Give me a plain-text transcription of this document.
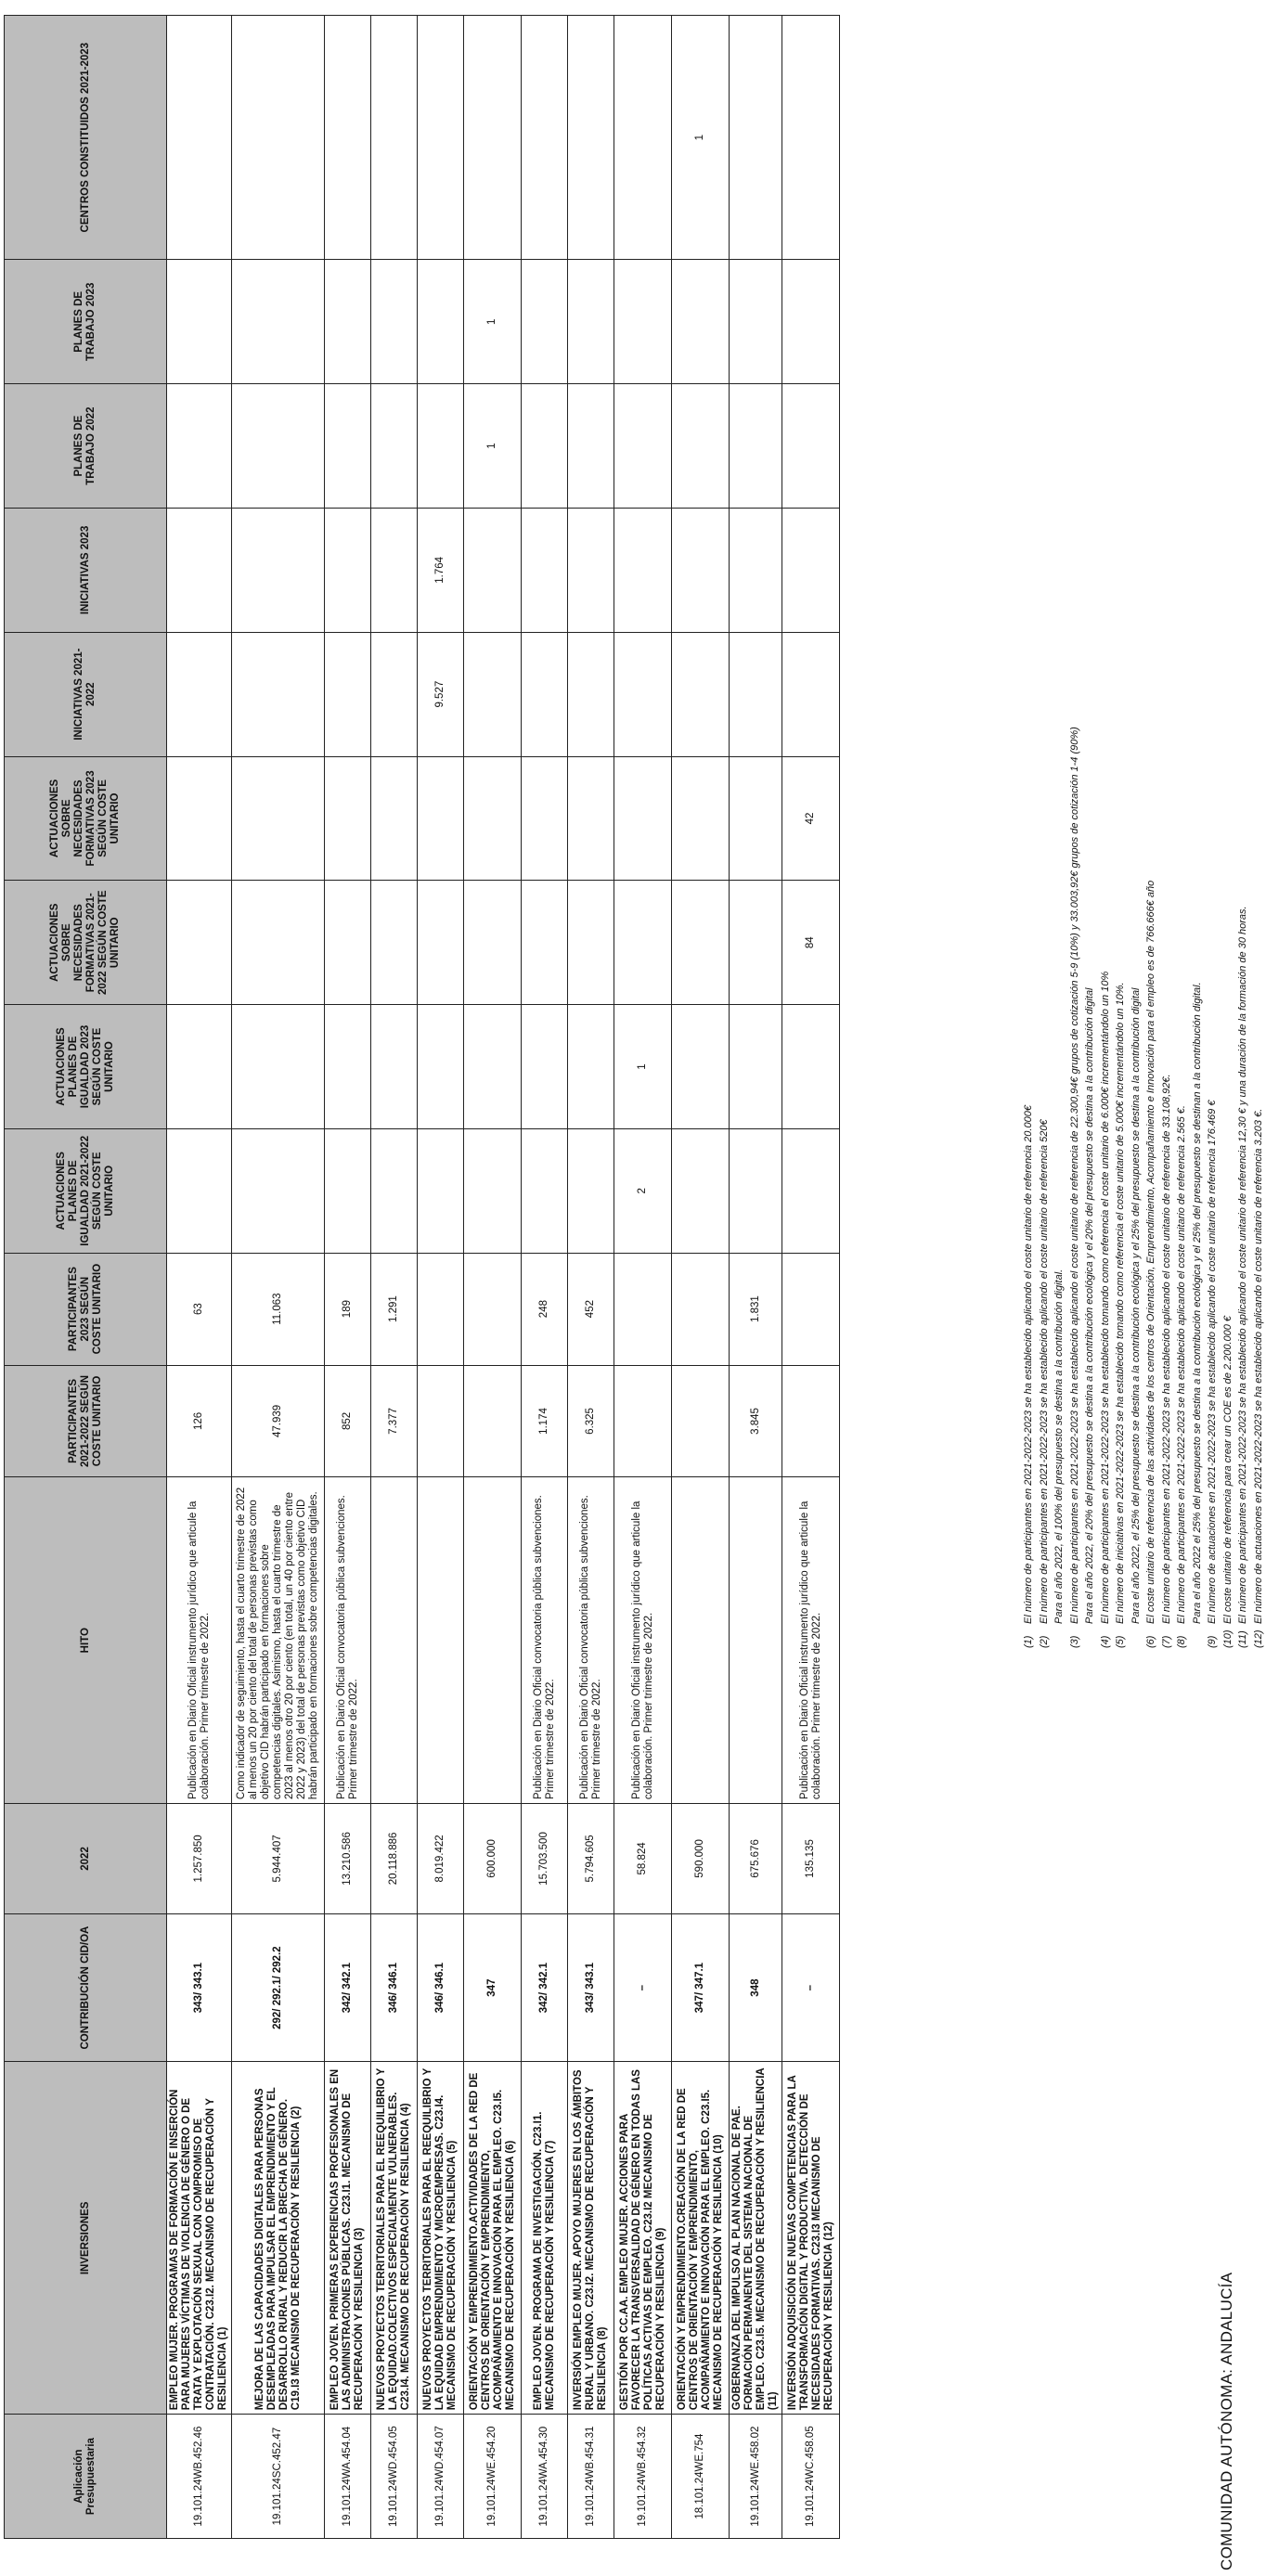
COMUNIDAD AUTÓNOMA: ANDALUCÍA
Aplicación Presupuestaria	INVERSIONES	CONTRIBUCIÓN CID/OA	2022	HITO	PARTICIPANTES 2021-2022 SEGÚN COSTE UNITARIO	PARTICIPANTES 2023 SEGÚN COSTE UNITARIO	ACTUACIONES PLANES DE IGUALDAD 2021-2022 SEGÚN COSTE UNITARIO	ACTUACIONES PLANES DE IGUALDAD 2023 SEGÚN COSTE UNITARIO	ACTUACIONES SOBRE NECESIDADES FORMATIVAS 2021-2022 SEGÚN COSTE UNITARIO	ACTUACIONES SOBRE NECESIDADES FORMATIVAS 2023 SEGÚN COSTE UNITARIO	INICIATIVAS 2021-2022	INICIATIVAS 2023	PLANES DE TRABAJO 2022	PLANES DE TRABAJO 2023	CENTROS CONSTITUIDOS 2021-2023
19.101.24WB.452.46	EMPLEO MUJER. PROGRAMAS DE FORMACIÓN E INSERCIÓN PARA MUJERES VÍCTIMAS DE VIOLENCIA DE GÉNERO O DE TRATA Y EXPLOTACIÓN SEXUAL CON COMPROMISO DE CONTRATACIÓN. C23.I2. MECANISMO DE RECUPERACIÓN Y RESILIENCIA (1)	343/ 343.1	1.257.850	Publicación en Diario Oficial instrumento jurídico que articule la colaboración. Primer trimestre de 2022.	126	63									
19.101.24SC.452.47	MEJORA DE LAS CAPACIDADES DIGITALES PARA PERSONAS DESEMPLEADAS PARA IMPULSAR EL EMPRENDIMIENTO Y EL DESARROLLO RURAL Y REDUCIR LA BRECHA DE GÉNERO. C19.I3 MECANISMO DE RECUPERACIÓN Y RESILIENCIA (2)	292/ 292.1/ 292.2	5.944.407	Como indicador de seguimiento, hasta el cuarto trimestre de 2022 al menos un 20 por ciento del total de personas previstas como objetivo CID habrán participado en formaciones sobre competencias digitales. Asimismo, hasta el cuarto trimestre de 2023 al menos otro 20 por ciento (en total, un 40 por ciento entre 2022 y 2023) del total de personas previstas como objetivo CID habrán participado en formaciones sobre competencias digitales.	47.939	11.063									
19.101.24WA.454.04	EMPLEO JOVEN. PRIMERAS EXPERIENCIAS PROFESIONALES EN LAS ADMINISTRACIONES PÚBLICAS. C23.I1. MECANISMO DE RECUPERACIÓN Y RESILIENCIA (3)	342/ 342.1	13.210.586	Publicación en Diario Oficial convocatoria pública subvenciones. Primer trimestre de 2022.	852	189									
19.101.24WD.454.05	NUEVOS PROYECTOS TERRITORIALES PARA EL REEQUILIBRIO Y LA EQUIDAD.COLECTIVOS ESPECIALMENTE VULNERABLES. C23.I4. MECANISMO DE RECUPERACIÓN Y RESILIENCIA (4)	346/ 346.1	20.118.886		7.377	1.291									
19.101.24WD.454.07	NUEVOS PROYECTOS TERRITORIALES PARA EL REEQUILIBRIO Y LA EQUIDAD EMPRENDIMIENTO Y MICROEMPRESAS. C23.I4. MECANISMO DE RECUPERACIÓN Y RESILIENCIA (5)	346/ 346.1	8.019.422								9.527	1.764			
19.101.24WE.454.20	ORIENTACIÓN Y EMPRENDIMIENTO.ACTIVIDADES DE LA RED DE CENTROS DE ORIENTACIÓN Y EMPRENDIMIENTO, ACOMPAÑAMIENTO E INNOVACIÓN PARA EL EMPLEO. C23.I5. MECANISMO DE RECUPERACIÓN Y RESILIENCIA (6)	347	600.000										1	1	
19.101.24WA.454.30	EMPLEO JOVEN. PROGRAMA DE INVESTIGACIÓN. C23.I1. MECANISMO DE RECUPERACIÓN Y RESILIENCIA (7)	342/ 342.1	15.703.500	Publicación en Diario Oficial convocatoria pública subvenciones. Primer trimestre de 2022.	1.174	248									
19.101.24WB.454.31	INVERSIÓN EMPLEO MUJER. APOYO MUJERES EN LOS ÁMBITOS RURAL Y URBANO. C23.I2. MECANISMO DE RECUPERACIÓN Y RESILIENCIA (8)	343/ 343.1	5.794.605	Publicación en Diario Oficial convocatoria pública subvenciones. Primer trimestre de 2022.	6.325	452									
19.101.24WB.454.32	GESTIÓN POR CC.AA. EMPLEO MUJER. ACCIONES PARA FAVORECER LA TRANSVERSALIDAD DE GÉNERO EN TODAS LAS POLÍTICAS ACTIVAS DE EMPLEO. C23.I2 MECANISMO DE RECUPERACIÓN Y RESILIENCIA (9)	–	58.824	Publicación en Diario Oficial instrumento jurídico que articule la colaboración. Primer trimestre de 2022.			2	1							
18.101.24WE.754	ORIENTACIÓN Y EMPRENDIMIENTO.CREACIÓN DE LA RED DE CENTROS DE ORIENTACIÓN Y EMPRENDIMIENTO, ACOMPAÑAMIENTO E INNOVACIÓN PARA EL EMPLEO. C23.I5. MECANISMO DE RECUPERACIÓN Y RESILIENCIA (10)	347/ 347.1	590.000												1
19.101.24WE.458.02	GOBERNANZA DEL IMPULSO AL PLAN NACIONAL DE PAE. FORMACIÓN PERMANENTE DEL SISTEMA NACIONAL DE EMPLEO. C23.I5. MECANISMO DE RECUPERACIÓN Y RESILIENCIA (11)	348	675.676		3.845	1.831									
19.101.24WC.458.05	INVERSIÓN ADQUISICIÓN DE NUEVAS COMPETENCIAS PARA LA TRANSFORMACIÓN DIGITAL Y PRODUCTIVA. DETECCIÓN DE NECESIDADES FORMATIVAS. C23.I3 MECANISMO DE RECUPERACIÓN Y RESILIENCIA (12)	–	135.135	Publicación en Diario Oficial instrumento jurídico que articule la colaboración. Primer trimestre de 2022.					84	42					
(1)El número de participantes en 2021-2022-2023 se ha establecido aplicando el coste unitario de referencia 20.000€
(2)El número de participantes en 2021-2022-2023 se ha establecido aplicando el coste unitario de referencia 520€ Para el año 2022, el 100% del presupuesto se destina a la contribución digital.
(3)El número de participantes en 2021-2022-2023 se ha establecido aplicando el coste unitario de referencia de 22.300,94€ grupos de cotización 5-9 (10%) y 33.003,92€ grupos de cotización 1-4 (90%) Para el año 2022, el 20% del presupuesto se destina a la contribución ecológica y el 20% del presupuesto se destina a la contribución digital
(4)El número de participantes en 2021-2022-2023 se ha establecido tomando como referencia el coste unitario de 6.000€ incrementándolo un 10%
(5)El número de iniciativas en 2021-2022-2023 se ha establecido tomando como referencia el coste unitario de 5.000€ incrementándolo un 10%. Para el año 2022, el 25% del presupuesto se destina a la contribución ecológica y el 25% del presupuesto se destina a la contribución digital
(6)El coste unitario de referencia de las actividades de los centros de Orientación, Emprendimiento, Acompañamiento e Innovación para el empleo es de 766.666€ año
(7)El número de participantes en 2021-2022-2023 se ha establecido aplicando el coste unitario de referencia de 33.108,92€.
(8)El número de participantes en 2021-2022-2023 se ha establecido aplicando el coste unitario de referencia 2.565 €. Para el año 2022 el 25% del presupuesto se destina a la contribución ecológica y el 25% del presupuesto se destinan a la contribución digital.
(9)El número de actuaciones en 2021-2022-2023 se ha establecido aplicando el coste unitario de referencia 176.469 €
(10)El coste unitario de referencia para crear un COE es de 2.200.000 €
(11)El número de participantes en 2021-2022-2023 se ha establecido aplicando el coste unitario de referencia 12,30 € y una duración de la formación de 30 horas.
(12)El número de actuaciones en 2021-2022-2023 se ha establecido aplicando el coste unitario de referencia 3.203 €.
